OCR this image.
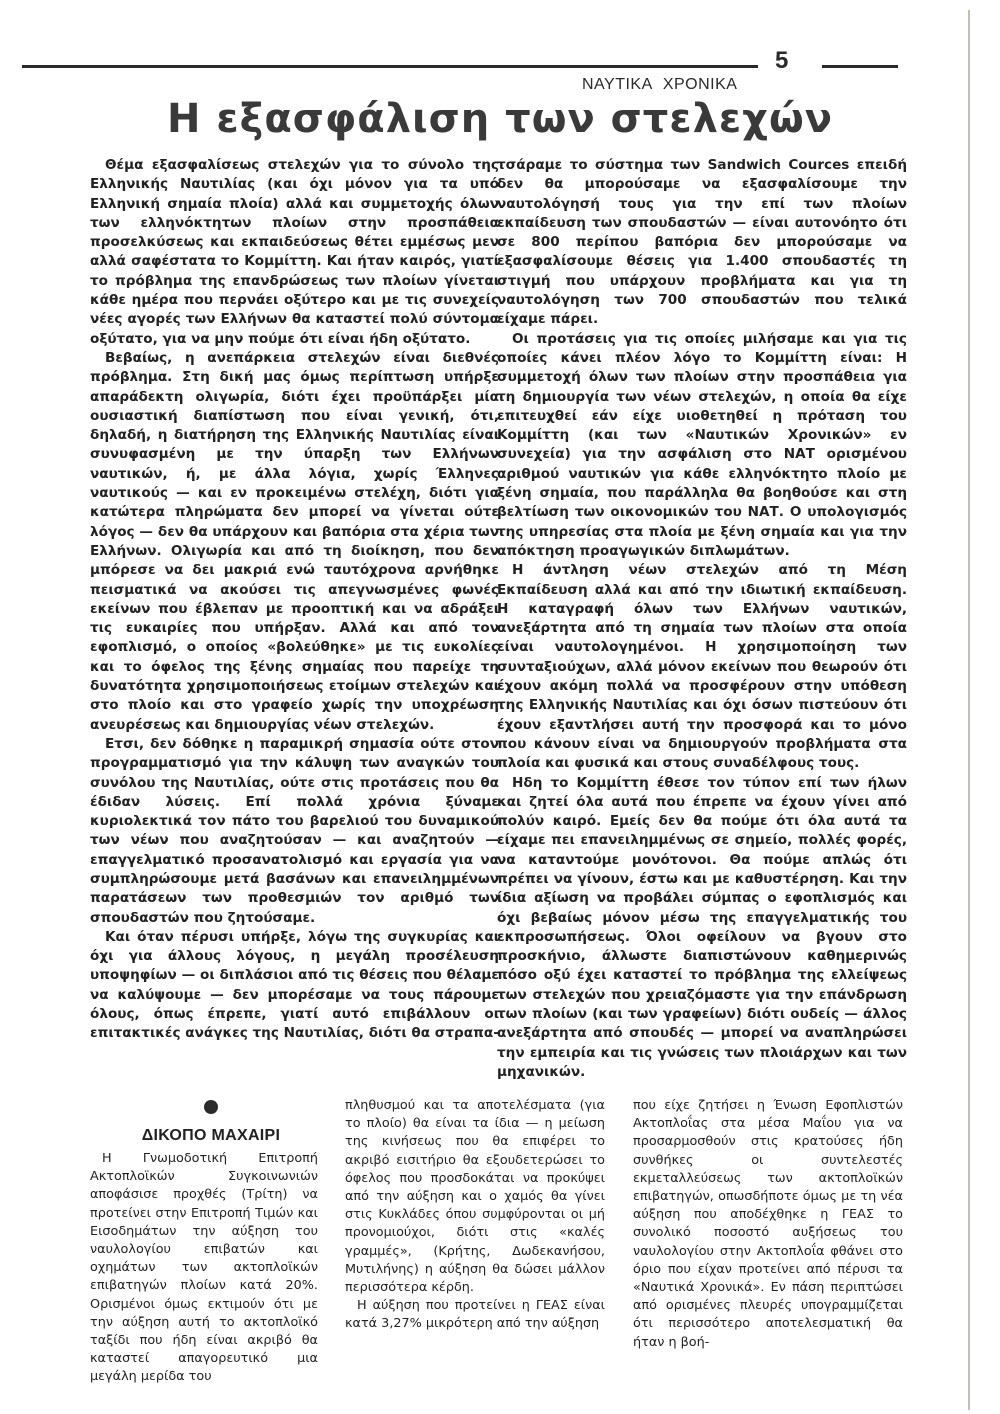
5
ΝΑΥΤΙΚΑ ΧΡΟΝΙΚΑ
Η εξασφάλιση των στελεχών

Θέμα εξασφαλίσεως στελεχών για το σύνολο της Ελληνικής Ναυτιλίας (και όχι μόνον για τα υπό Ελληνική σημαία πλοία) αλλά και συμμετοχής όλων των ελληνόκτητων πλοίων στην προσπάθεια προσελκύσεως και εκπαιδεύσεως θέτει εμμέσως μεν αλλά σαφέστατα το Κομμίττη. Και ήταν καιρός, γιατί το πρόβλημα της επανδρώσεως των πλοίων γίνεται κάθε ημέρα που περνάει οξύτερο και με τις συνεχείς νέες αγορές των Ελλήνων θα καταστεί πολύ σύντομα οξύτατο, για να μην πούμε ότι είναι ήδη οξύτατο.

Βεβαίως, η ανεπάρκεια στελεχών είναι διεθνές πρόβλημα. Στη δική μας όμως περίπτωση υπήρξε απαράδεκτη ολιγωρία, διότι έχει προϋπάρξει μία ουσιαστική διαπίστωση που είναι γενική, ότι, δηλαδή, η διατήρηση της Ελληνικής Ναυτιλίας είναι συνυφασμένη με την ύπαρξη των Ελλήνων ναυτικών, ή, με άλλα λόγια, χωρίς Έλληνες ναυτικούς — και εν προκειμένω στελέχη, διότι για κατώτερα πληρώματα δεν μπορεί να γίνεται ούτε λόγος — δεν θα υπάρχουν και βαπόρια στα χέρια των Ελλήνων. Ολιγωρία και από τη διοίκηση, που δεν μπόρεσε να δει μακριά ενώ ταυτόχρονα αρνήθηκε πεισματικά να ακούσει τις απεγνωσμένες φωνές εκείνων που έβλεπαν με προοπτική και να αδράξει τις ευκαιρίες που υπήρξαν. Αλλά και από τον εφοπλισμό, ο οποίος «βολεύθηκε» με τις ευκολίες και το όφελος της ξένης σημαίας που παρείχε τη δυνατότητα χρησιμοποιήσεως ετοίμων στελεχών και στο πλοίο και στο γραφείο χωρίς την υποχρέωση ανευρέσεως και δημιουργίας νέων στελεχών.

Ετσι, δεν δόθηκε η παραμικρή σημασία ούτε στον προγραμματισμό για την κάλυψη των αναγκών του συνόλου της Ναυτιλίας, ούτε στις προτάσεις που θα έδιδαν λύσεις. Επί πολλά χρόνια ξύναμε κυριολεκτικά τον πάτο του βαρελιού του δυναμικού των νέων που αναζητούσαν — και αναζητούν — επαγγελματικό προσανατολισμό και εργασία για να συμπληρώσουμε μετά βασάνων και επανειλημμένων παρατάσεων των προθεσμιών τον αριθμό των σπουδαστών που ζητούσαμε.

Και όταν πέρυσι υπήρξε, λόγω της συγκυρίας και όχι για άλλους λόγους, η μεγάλη προσέλευση υποψηφίων — οι διπλάσιοι από τις θέσεις που θέλαμε να καλύψουμε — δεν μπορέσαμε να τους πάρουμε όλους, όπως έπρεπε, γιατί αυτό επιβάλλουν οι επιτακτικές ανάγκες της Ναυτιλίας, διότι θα στραπα-

τσάραμε το σύστημα των Sandwich Cources επειδή δεν θα μπορούσαμε να εξασφαλίσουμε την ναυτολόγησή τους για την επί των πλοίων εκπαίδευση των σπουδαστών — είναι αυτονόητο ότι σε 800 περίπου βαπόρια δεν μπορούσαμε να εξασφαλίσουμε θέσεις για 1.400 σπουδαστές τη στιγμή που υπάρχουν προβλήματα και για τη ναυτολόγηση των 700 σπουδαστών που τελικά είχαμε πάρει.

Οι προτάσεις για τις οποίες μιλήσαμε και για τις οποίες κάνει πλέον λόγο το Κομμίττη είναι: Η συμμετοχή όλων των πλοίων στην προσπάθεια για τη δημιουργία των νέων στελεχών, η οποία θα είχε επιτευχθεί εάν είχε υιοθετηθεί η πρόταση του Κομμίττη (και των «Ναυτικών Χρονικών» εν συνεχεία) για την ασφάλιση στο ΝΑΤ ορισμένου αριθμού ναυτικών για κάθε ελληνόκτητο πλοίο με ξένη σημαία, που παράλληλα θα βοηθούσε και στη βελτίωση των οικονομικών του ΝΑΤ. Ο υπολογισμός της υπηρεσίας στα πλοία με ξένη σημαία και για την απόκτηση προαγωγικών διπλωμάτων.

Η άντληση νέων στελεχών από τη Μέση Εκπαίδευση αλλά και από την ιδιωτική εκπαίδευση. Η καταγραφή όλων των Ελλήνων ναυτικών, ανεξάρτητα από τη σημαία των πλοίων στα οποία είναι ναυτολογημένοι. Η χρησιμοποίηση των συνταξιούχων, αλλά μόνον εκείνων που θεωρούν ότι έχουν ακόμη πολλά να προσφέρουν στην υπόθεση της Ελληνικής Ναυτιλίας και όχι όσων πιστεύουν ότι έχουν εξαντλήσει αυτή την προσφορά και το μόνο που κάνουν είναι να δημιουργούν προβλήματα στα πλοία και φυσικά και στους συναδέλφους τους.

Ηδη το Κομμίττη έθεσε τον τύπον επί των ήλων και ζητεί όλα αυτά που έπρεπε να έχουν γίνει από πολύν καιρό. Εμείς δεν θα πούμε ότι όλα αυτά τα είχαμε πει επανειλημμένως σε σημείο, πολλές φορές, να καταντούμε μονότονοι. Θα πούμε απλώς ότι πρέπει να γίνουν, έστω και με καθυστέρηση. Και την ίδια αξίωση να προβάλει σύμπας ο εφοπλισμός και όχι βεβαίως μόνον μέσω της επαγγελματικής του εκπροσωπήσεως. Όλοι οφείλουν να βγουν στο προσκήνιο, άλλωστε διαπιστώνουν καθημερινώς πόσο οξύ έχει καταστεί το πρόβλημα της ελλείψεως των στελεχών που χρειαζόμαστε για την επάνδρωση των πλοίων (και των γραφείων) διότι ουδείς — άλλος ανεξάρτητα από σπουδές — μπορεί να αναπληρώσει την εμπειρία και τις γνώσεις των πλοιάρχων και των μηχανικών.

ΔΙΚΟΠΟ ΜΑΧΑΙΡΙ

Η Γνωμοδοτική Επιτροπή Ακτοπλοϊκών Συγκοινωνιών αποφάσισε προχθές (Τρίτη) να προτείνει στην Επιτροπή Τιμών και Εισοδημάτων την αύξηση του ναυλολογίου επιβατών και οχημάτων των ακτοπλοϊκών επιβατηγών πλοίων κατά 20%. Ορισμένοι όμως εκτιμούν ότι με την αύξηση αυτή το ακτοπλοϊκό ταξίδι που ήδη είναι ακριβό θα καταστεί απαγορευτικό μια μεγάλη μερίδα του

πληθυσμού και τα αποτελέσματα (για το πλοίο) θα είναι τα ίδια — η μείωση της κινήσεως που θα επιφέρει το ακριβό εισιτήριο θα εξουδετερώσει το όφελος που προσδοκάται να προκύψει από την αύξηση και ο χαμός θα γίνει στις Κυκλάδες όπου συμφύρονται οι μή προνομιούχοι, διότι στις «καλές γραμμές», (Κρήτης, Δωδεκανήσου, Μυτιλήνης) η αύξηση θα δώσει μάλλον περισσότερα κέρδη.

Η αύξηση που προτείνει η ΓΕΑΣ είναι κατά 3,27% μικρότερη από την αύξηση

που είχε ζητήσει η Ένωση Εφοπλιστών Ακτοπλοΐας στα μέσα Μαΐου για να προσαρμοσθούν στις κρατούσες ήδη συνθήκες οι συντελεστές εκμεταλλεύσεως των ακτοπλοϊκών επιβατηγών, οπωσδήποτε όμως με τη νέα αύξηση που αποδέχθηκε η ΓΕΑΣ το συνολικό ποσοστό αυξήσεως του ναυλολογίου στην Ακτοπλοΐα φθάνει στο όριο που είχαν προτείνει από πέρυσι τα «Ναυτικά Χρονικά». Εν πάση περιπτώσει από ορισμένες πλευρές υπογραμμίζεται ότι περισσότερο αποτελεσματική θα ήταν η βοή-
